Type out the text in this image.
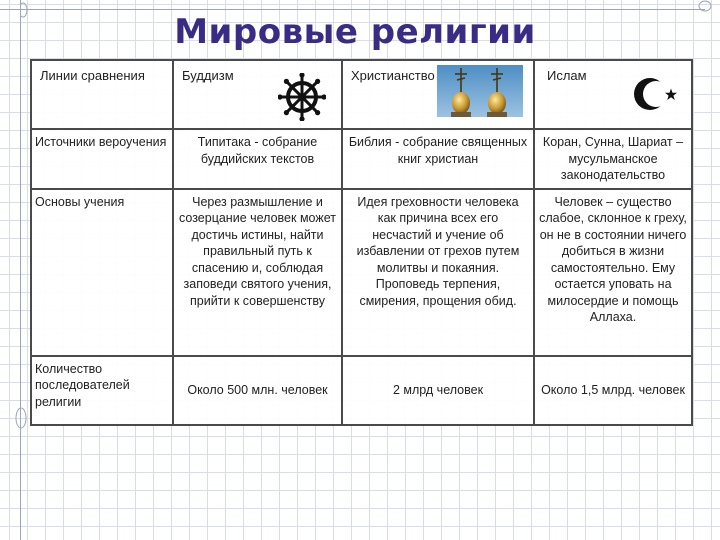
Мировые религии
Линии сравнения	Буддизм	Христианство	Ислам

Источники вероучения	Типитака - собрание буддийских текстов	Библия - собрание священных книг христиан	Коран, Сунна, Шариат – мусульманское законодательство
Основы учения	Через размышление и созерцание человек может достичь истины, найти правильный путь к спасению и, соблюдая заповеди святого учения, прийти к совершенству	Идея греховности человека как причина всех его несчастий и учение об избавлении от грехов путем молитвы и покаяния. Проповедь терпения, смирения, прощения обид.	Человек – существо слабое, склонное к греху, он не в состоянии ничего добиться в жизни самостоятельно. Ему остается уповать на милосердие и помощь Аллаха.
Количество последователей религии	Около 500 млн. человек	2 млрд человек	Около 1,5 млрд. человек
